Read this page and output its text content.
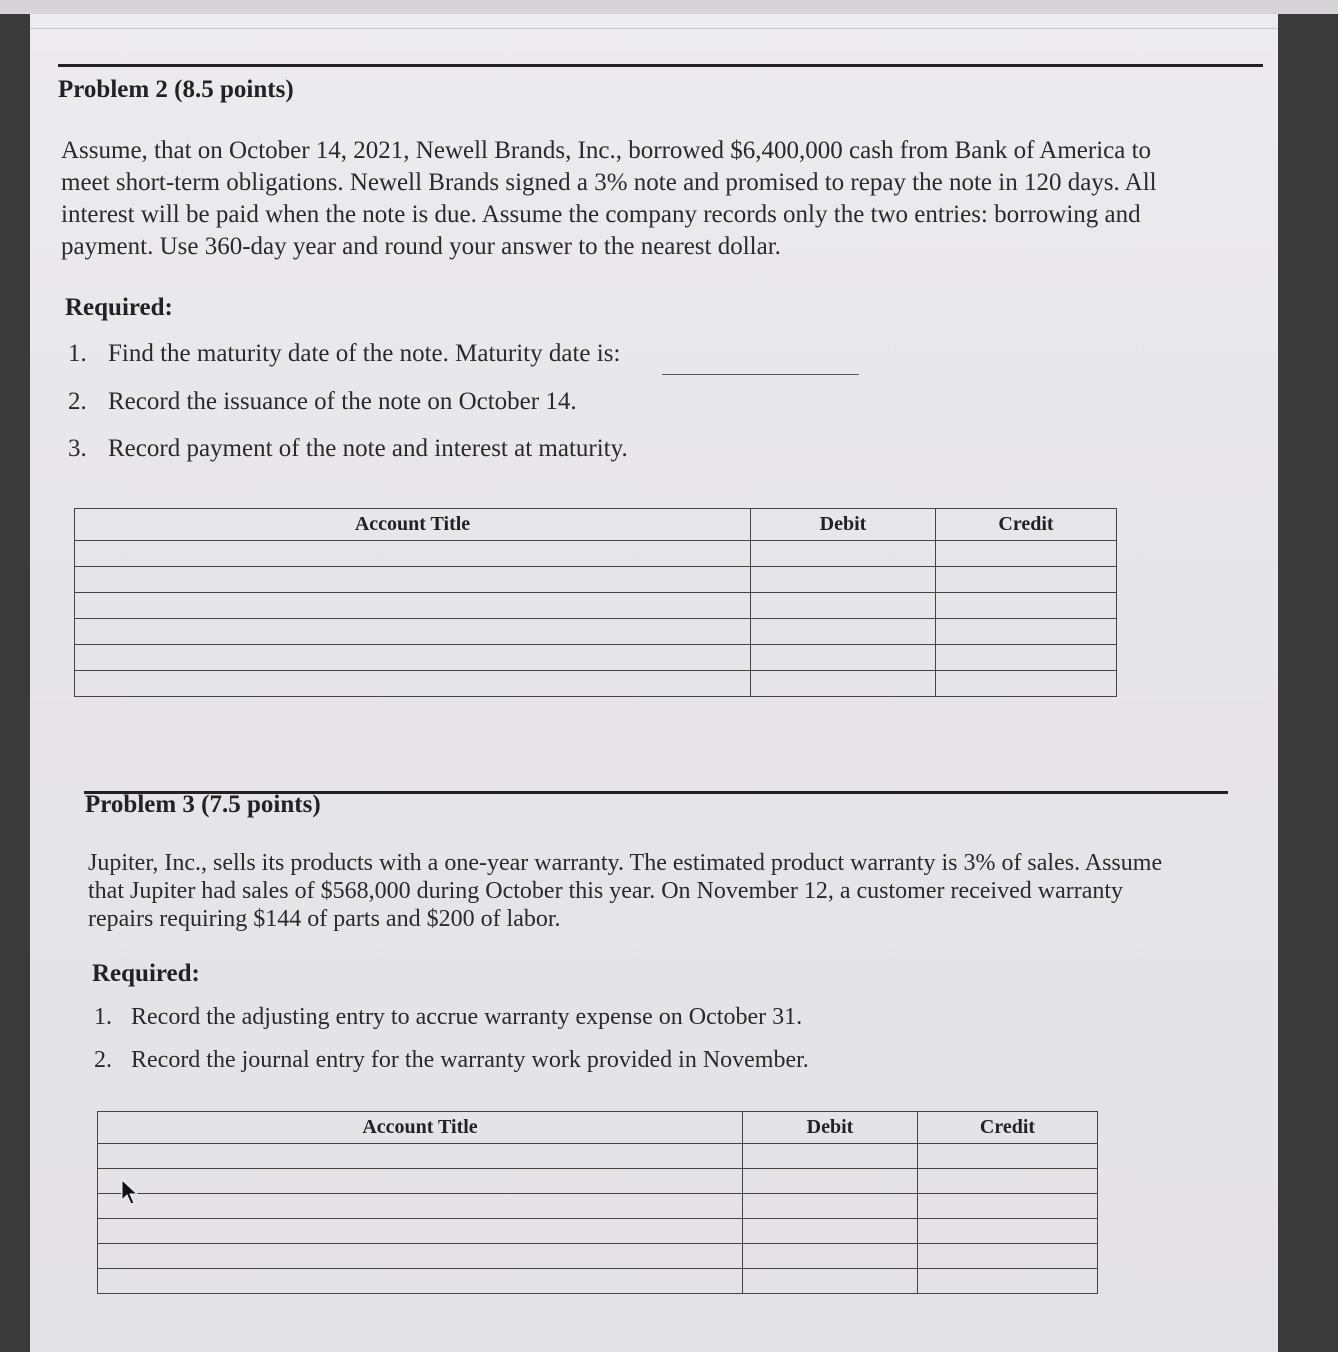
Problem 2 (8.5 points)
Assume, that on October 14, 2021, Newell Brands, Inc., borrowed $6,400,000 cash from Bank of America to
meet short-term obligations. Newell Brands signed a 3% note and promised to repay the note in 120 days. All
interest will be paid when the note is due. Assume the company records only the two entries: borrowing and
payment. Use 360-day year and round your answer to the nearest dollar.
Required:
1. Find the maturity date of the note. Maturity date is:
2. Record the issuance of the note on October 14.
3. Record payment of the note and interest at maturity.
Account Title	Debit	Credit

Problem 3 (7.5 points)
Jupiter, Inc., sells its products with a one-year warranty. The estimated product warranty is 3% of sales. Assume
that Jupiter had sales of $568,000 during October this year. On November 12, a customer received warranty
repairs requiring $144 of parts and $200 of labor.
Required:
1. Record the adjusting entry to accrue warranty expense on October 31.
2. Record the journal entry for the warranty work provided in November.
Account Title	Debit	Credit
